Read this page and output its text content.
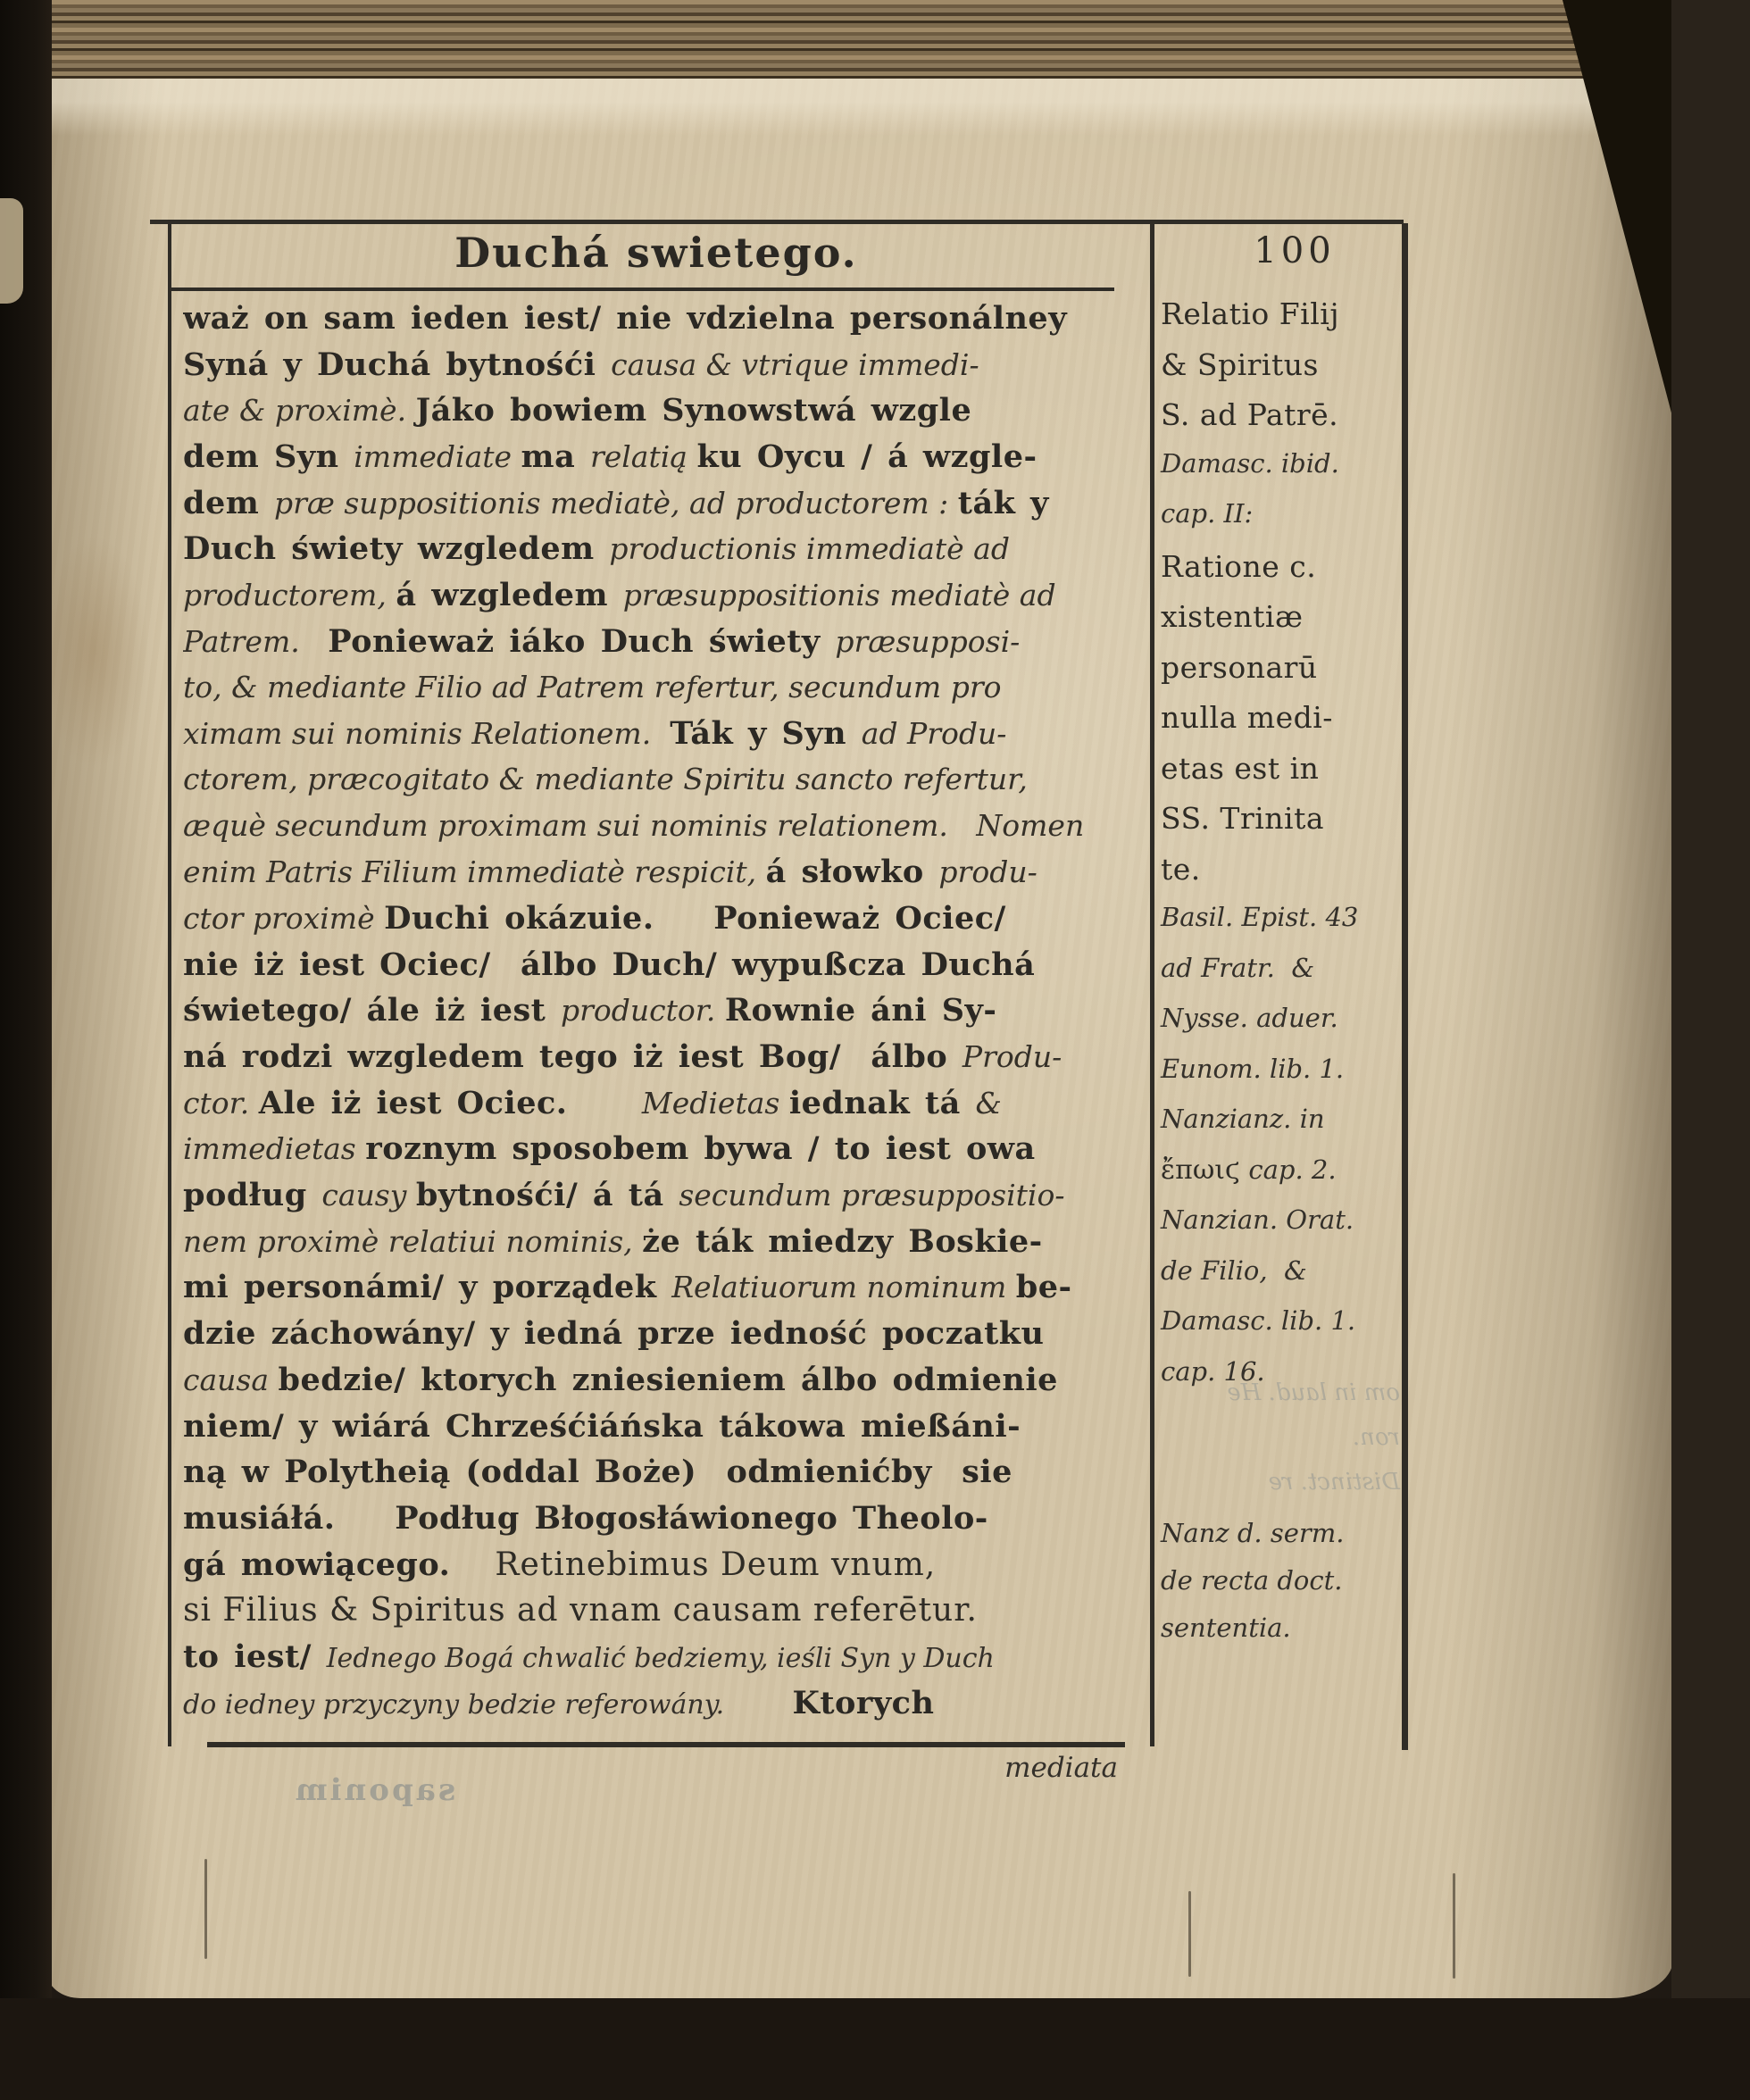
Duchá swietego.	100
waż on sam ieden iest/ nie vdzielna personálney
Syná y Duchá bytnośći causa & vtrique immedi-
ate & proximè. Jáko bowiem Synowstwá wzgle
dem Syn immediate ma relatią ku Oycu / á wzgle-
dem præ suppositionis mediatè, ad productorem : ták y
Duch świety wzgledem productionis immediatè ad
productorem, á wzgledem præsuppositionis mediatè ad
Patrem.   Ponieważ iáko Duch świety præsupposi-
to, & mediante Filio ad Patrem refertur, secundum pro
ximam sui nominis Relationem.  Ták y Syn ad Produ-
ctorem, præcogitato & mediante Spiritu sancto refertur,
æquè secundum proximam sui nominis relationem.   Nomen
enim Patris Filium immediatè respicit, á słowko produ-
ctor proximè Duchi okázuie.    Ponieważ Ociec/
nie iż iest Ociec/  álbo Duch/ wypußcza Duchá
świetego/ ále iż iest productor. Rownie áni Sy-
ná rodzi wzgledem tego iż iest Bog/  álbo Produ-
ctor. Ale iż iest Ociec.     Medietas iednak tá &
immedietas roznym sposobem bywa / to iest owa
podług causy bytnośći/ á tá secundum præsuppositio-
nem proximè relatiui nominis, że ták miedzy Boskie-
mi personámi/ y porządek Relatiuorum nominum be-
dzie záchowány/ y iedná prze iedność poczatku
causa bedzie/ ktorych zniesieniem álbo odmienie
niem/ y wiárá Chrześćiáńska tákowa mießáni-
ną w Polytheią (oddal Boże)  odmienićby  sie
musiáłá.    Podług Błogosłáwionego Theolo-
gá mowiącego.   Retinebimus Deum vnum,
si Filius & Spiritus ad vnam causam referētur.
to iest/ Iednego Bogá chwalić bedziemy, ieśli Syn y Duch
do iedney przyczyny bedzie referowány.        Ktorych
Relatio Filij
& Spiritus
S. ad Patrē.
Damasc. ibid.
cap. II:
Ratione c.
xistentiæ
personarū
nulla medi-
etas est in
SS. Trinita
te.
Basil. Epist. 43
ad Fratr.  &
Nysse. aduer.
Eunom. lib. 1.
Nanzianz. in
ἔπωιϛ cap. 2.
Nanzian. Orat.
de Filio,  &
Damasc. lib. 1.
cap. 16.
om in laud. He
ron.
Distinct. re
Nanz d. serm.
de recta doct.
sententia.
mediata
saponim
